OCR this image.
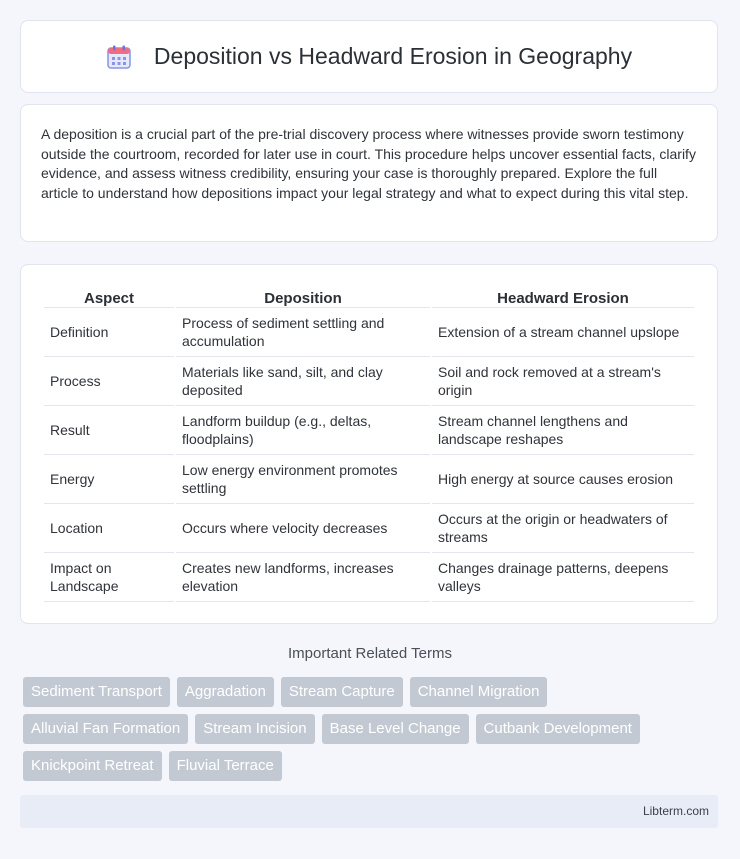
Deposition vs Headward Erosion in Geography

A deposition is a crucial part of the pre-trial discovery process where witnesses provide sworn testimony outside the courtroom, recorded for later use in court. This procedure helps uncover essential facts, clarify evidence, and assess witness credibility, ensuring your case is thoroughly prepared. Explore the full article to understand how depositions impact your legal strategy and what to expect during this vital step.

Aspect	Deposition	Headward Erosion
Definition	Process of sediment settling and accumulation	Extension of a stream channel upslope
Process	Materials like sand, silt, and clay deposited	Soil and rock removed at a stream's origin
Result	Landform buildup (e.g., deltas, floodplains)	Stream channel lengthens and landscape reshapes
Energy	Low energy environment promotes settling	High energy at source causes erosion
Location	Occurs where velocity decreases	Occurs at the origin or headwaters of streams
Impact on Landscape	Creates new landforms, increases elevation	Changes drainage patterns, deepens valleys
Important Related Terms
Sediment Transport	Aggradation	Stream Capture	Channel Migration
Alluvial Fan Formation	Stream Incision	Base Level Change	Cutbank Development
Knickpoint Retreat	Fluvial Terrace
Libterm.com
